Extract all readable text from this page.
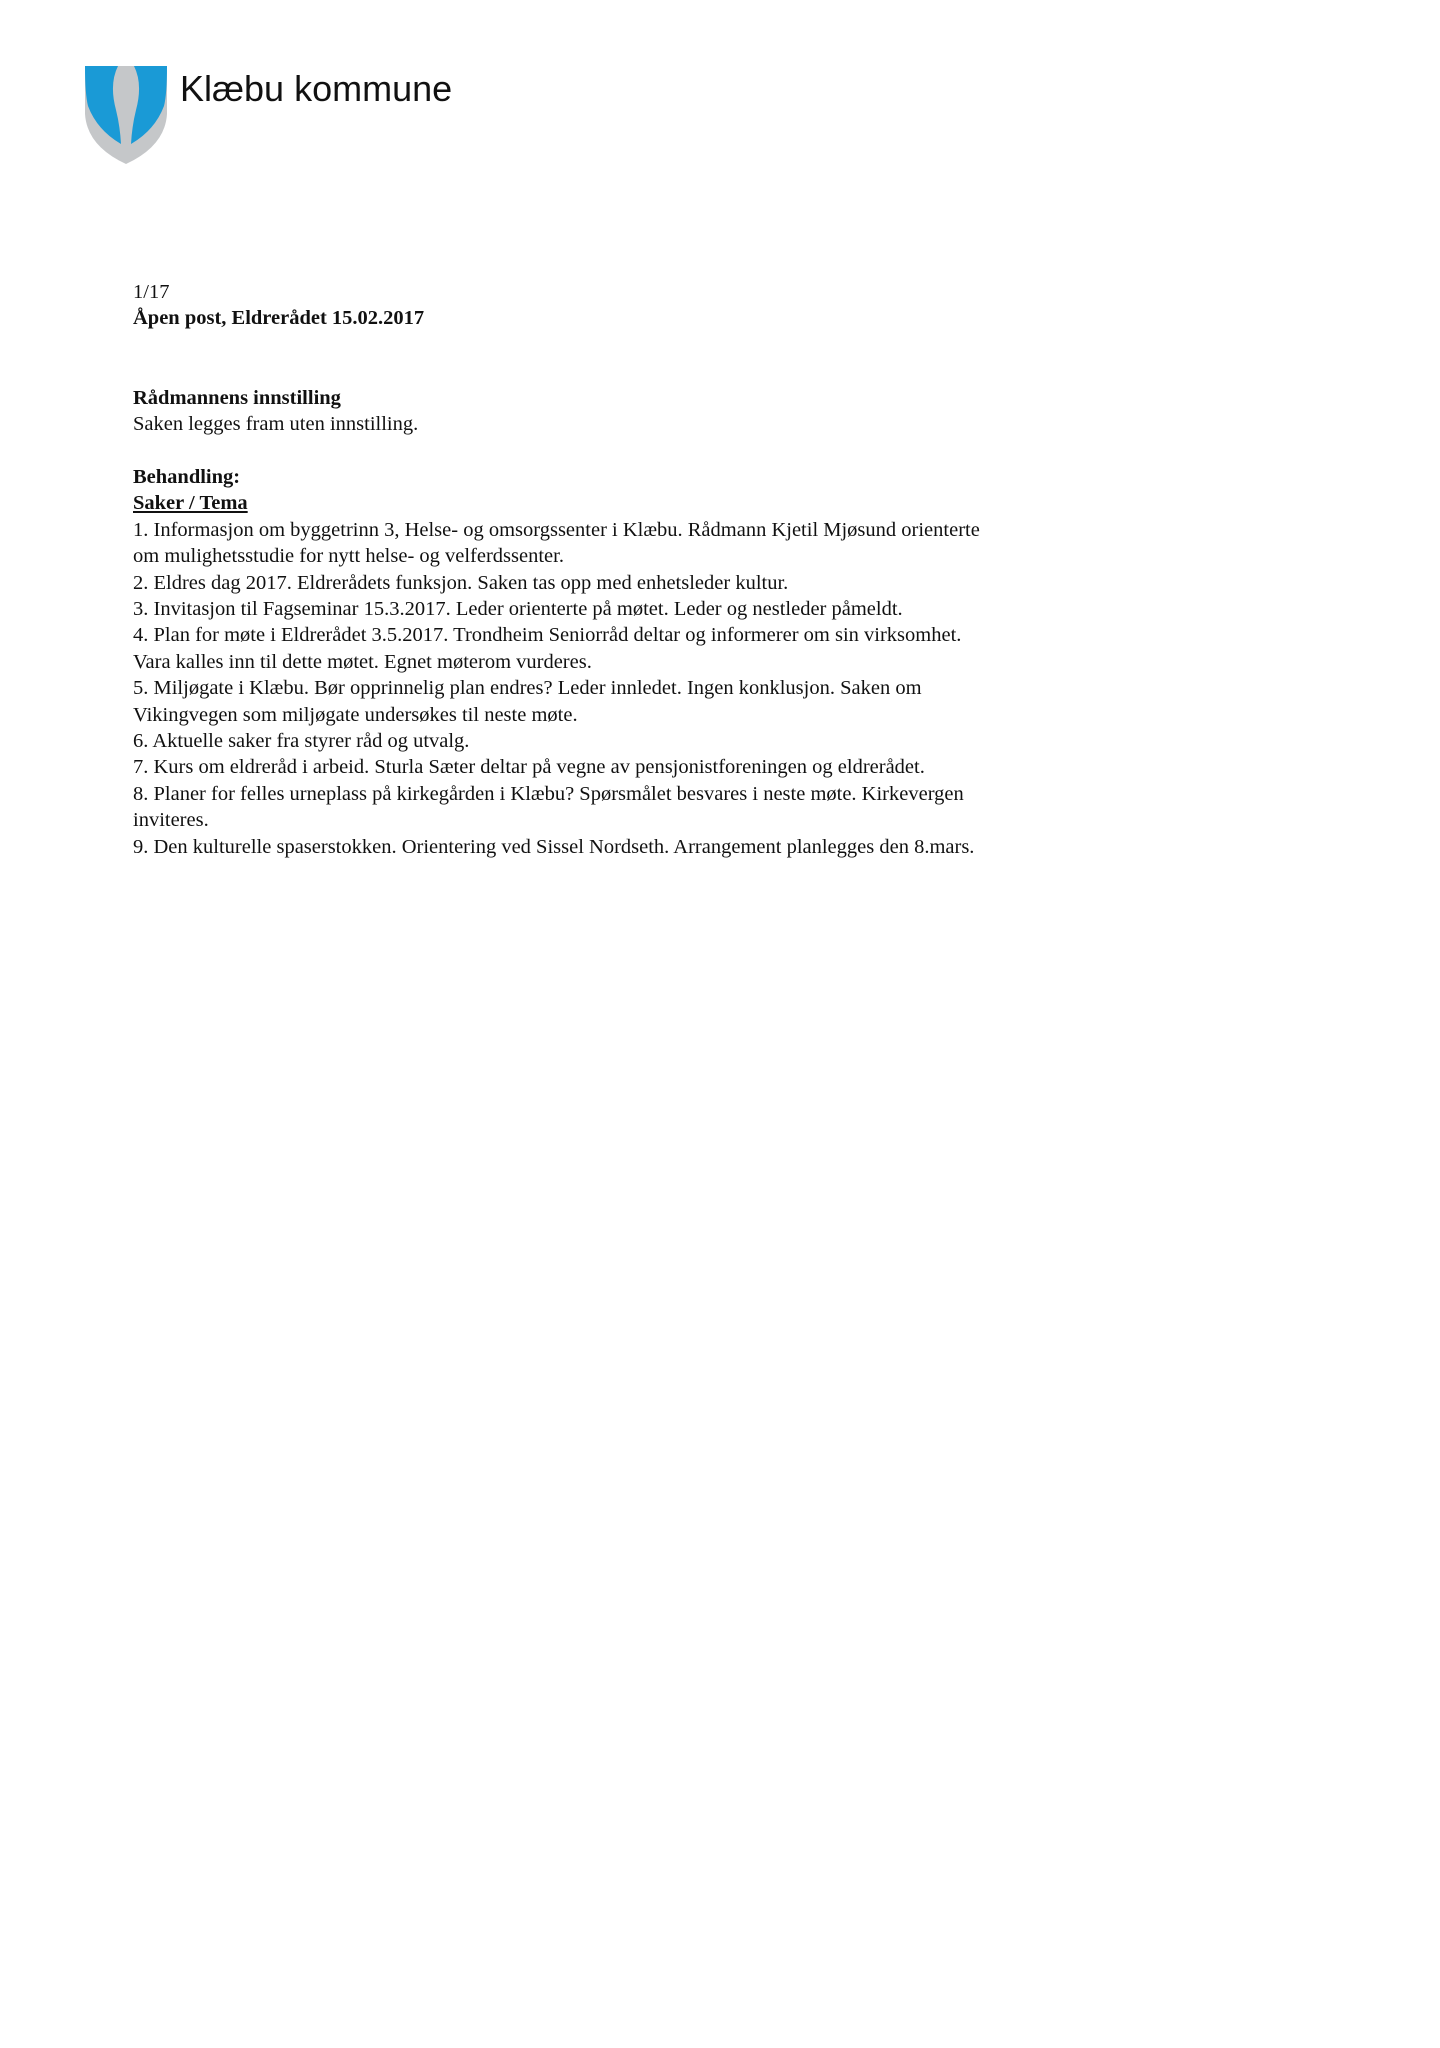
Klæbu kommune

1/17

Åpen post, Eldrerådet 15.02.2017

Rådmannens innstilling

Saken legges fram uten innstilling.

Behandling:

Saker / Tema

1. Informasjon om byggetrinn 3, Helse- og omsorgssenter i Klæbu. Rådmann Kjetil Mjøsund orienterte om mulighetsstudie for nytt helse- og velferdssenter.

2. Eldres dag 2017. Eldrerådets funksjon. Saken tas opp med enhetsleder kultur.

3. Invitasjon til Fagseminar 15.3.2017. Leder orienterte på møtet. Leder og nestleder påmeldt.

4. Plan for møte i Eldrerådet 3.5.2017. Trondheim Seniorråd deltar og informerer om sin virksomhet. Vara kalles inn til dette møtet. Egnet møterom vurderes.

5. Miljøgate i Klæbu. Bør opprinnelig plan endres? Leder innledet. Ingen konklusjon. Saken om Vikingvegen som miljøgate undersøkes til neste møte.

6. Aktuelle saker fra styrer råd og utvalg.

7. Kurs om eldreråd i arbeid. Sturla Sæter deltar på vegne av pensjonistforeningen og eldrerådet.

8. Planer for felles urneplass på kirkegården i Klæbu? Spørsmålet besvares i neste møte. Kirkevergen inviteres.

9. Den kulturelle spaserstokken. Orientering ved Sissel Nordseth. Arrangement planlegges den 8.mars.
